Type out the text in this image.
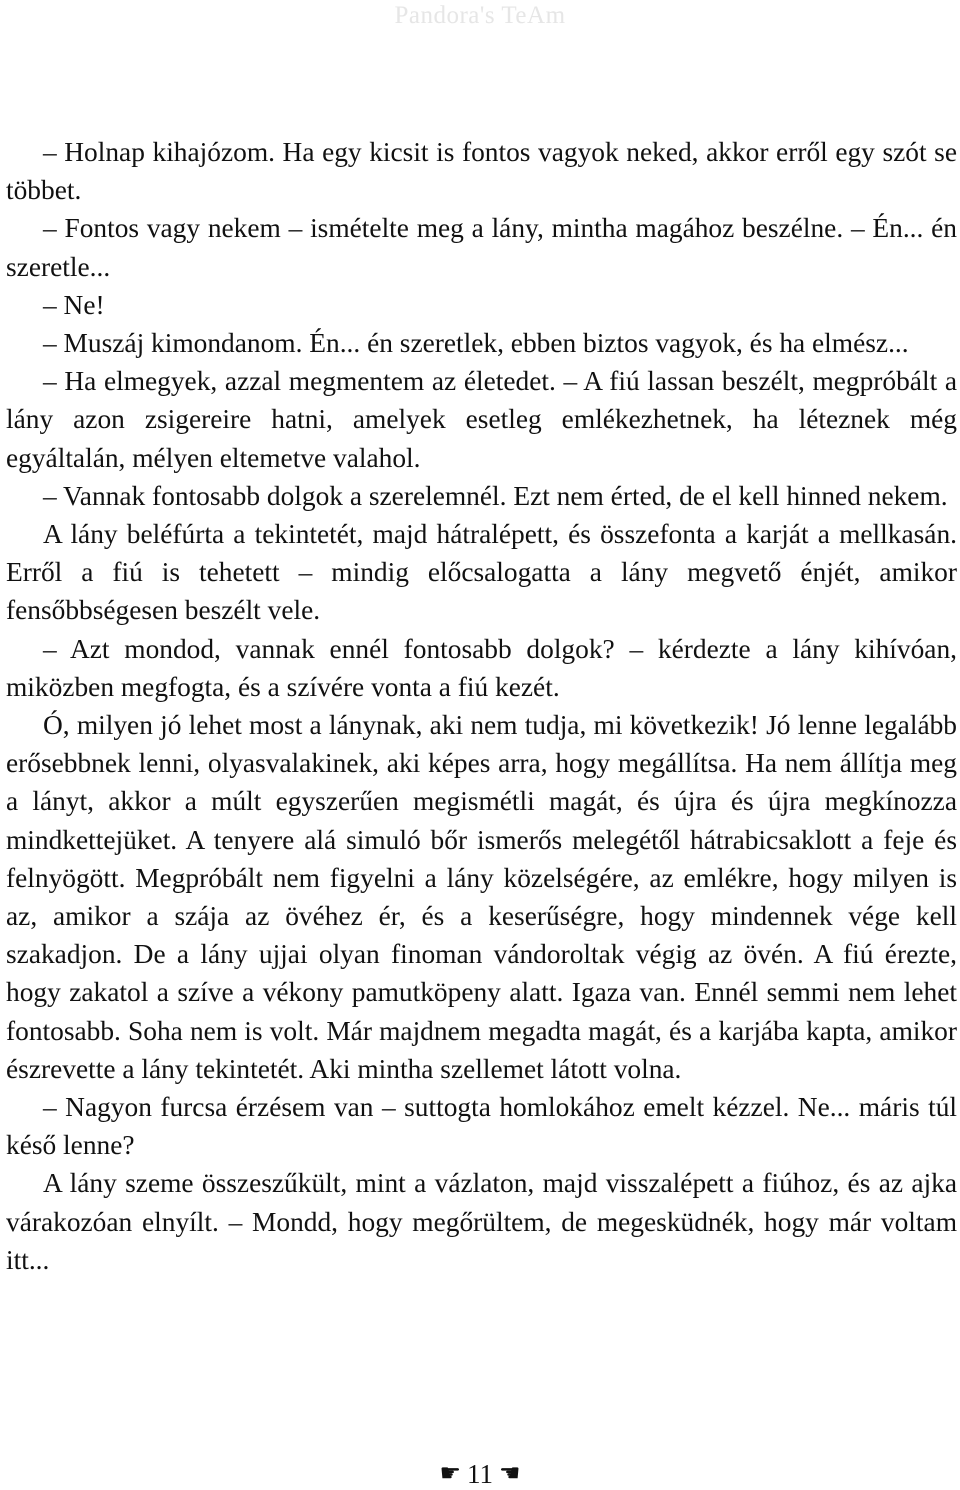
Pandora's TeAm

– Holnap kihajózom. Ha egy kicsit is fontos vagyok neked, akkor erről egy szót se többet.

– Fontos vagy nekem – ismételte meg a lány, mintha magához beszélne. – Én... én szeretle...

– Ne!

– Muszáj kimondanom. Én... én szeretlek, ebben biztos vagyok, és ha elmész...

– Ha elmegyek, azzal megmentem az életedet. – A fiú lassan beszélt, megpróbált a lány azon zsigereire hatni, amelyek esetleg emlékezhetnek, ha léteznek még egyáltalán, mélyen eltemetve valahol.

– Vannak fontosabb dolgok a szerelemnél. Ezt nem érted, de el kell hinned nekem.

A lány beléfúrta a tekintetét, majd hátralépett, és összefonta a karját a mellkasán. Erről a fiú is tehetett – mindig előcsalogatta a lány megvető énjét, amikor fensőbbségesen beszélt vele.

– Azt mondod, vannak ennél fontosabb dolgok? – kérdezte a lány kihívóan, miközben megfogta, és a szívére vonta a fiú kezét.

Ó, milyen jó lehet most a lánynak, aki nem tudja, mi következik! Jó lenne legalább erősebbnek lenni, olyasvalakinek, aki képes arra, hogy megállítsa. Ha nem állítja meg a lányt, akkor a múlt egyszerűen megismétli magát, és újra és újra megkínozza mindkettejüket. A tenyere alá simuló bőr ismerős melegétől hátrabicsaklott a feje és felnyögött. Megpróbált nem figyelni a lány közelségére, az emlékre, hogy milyen is az, amikor a szája az övéhez ér, és a keserűségre, hogy mindennek vége kell szakadjon. De a lány ujjai olyan finoman vándoroltak végig az övén. A fiú érezte, hogy zakatol a szíve a vékony pamutköpeny alatt. Igaza van. Ennél semmi nem lehet fontosabb. Soha nem is volt. Már majdnem megadta magát, és a karjába kapta, amikor észrevette a lány tekintetét. Aki mintha szellemet látott volna.

– Nagyon furcsa érzésem van – suttogta homlokához emelt kézzel. Ne... máris túl késő lenne?

A lány szeme összeszűkült, mint a vázlaton, majd visszalépett a fiúhoz, és az ajka várakozóan elnyílt. – Mondd, hogy megőrültem, de megesküdnék, hogy már voltam itt...

☛ 11 ☛
